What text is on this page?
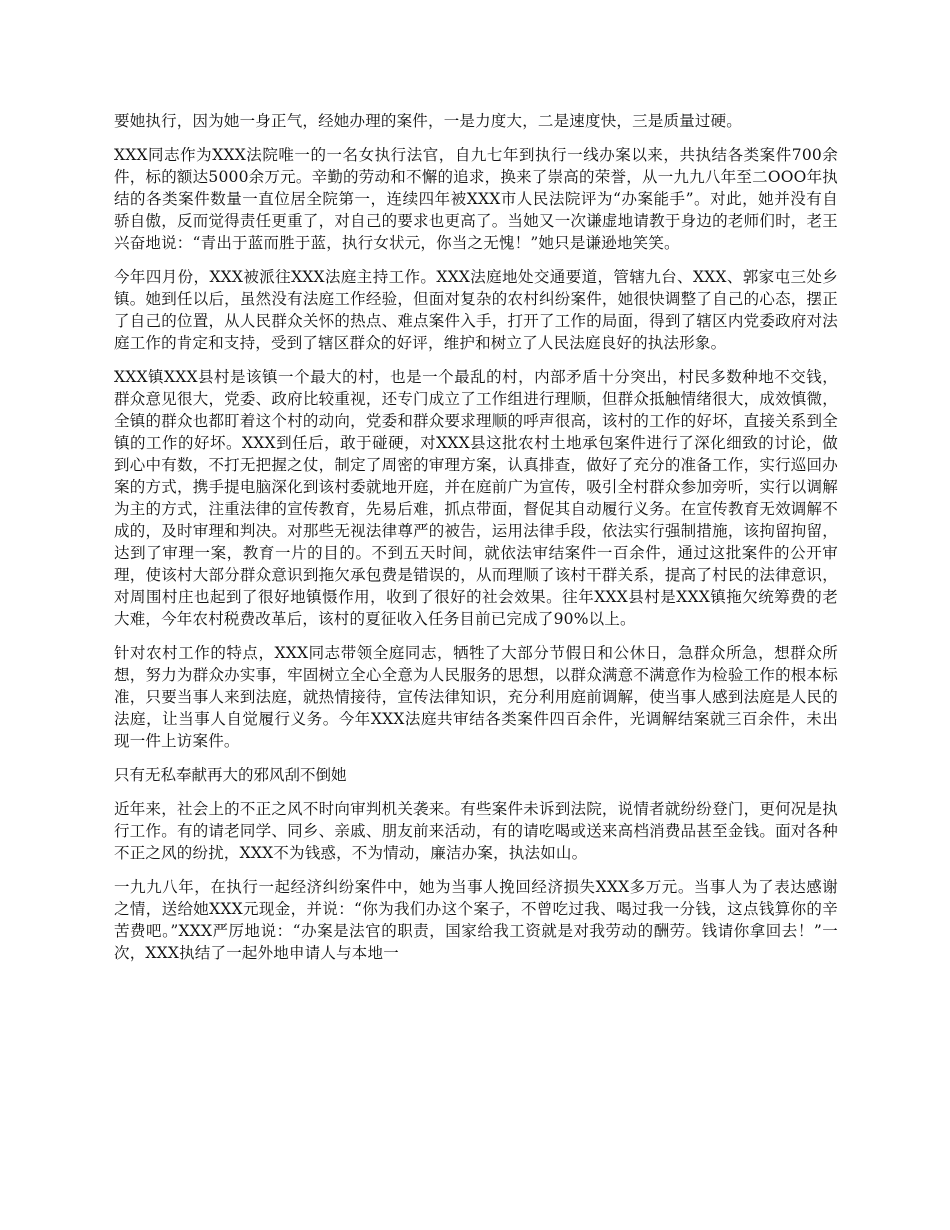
要她执行，因为她一身正气，经她办理的案件，一是力度大，二是速度快，三是质量过硬。

XXX同志作为XXX法院唯一的一名女执行法官，自九七年到执行一线办案以来，共执结各类案件700余件，标的额达5000余万元。辛勤的劳动和不懈的追求，换来了崇高的荣誉，从一九九八年至二OOO年执结的各类案件数量一直位居全院第一，连续四年被XXX市人民法院评为“办案能手”。对此，她并没有自骄自傲，反而觉得责任更重了，对自己的要求也更高了。当她又一次谦虚地请教于身边的老师们时，老王兴奋地说：“青出于蓝而胜于蓝，执行女状元，你当之无愧！”她只是谦逊地笑笑。

今年四月份，XXX被派往XXX法庭主持工作。XXX法庭地处交通要道，管辖九台、XXX、郭家屯三处乡镇。她到任以后，虽然没有法庭工作经验，但面对复杂的农村纠纷案件，她很快调整了自己的心态，摆正了自己的位置，从人民群众关怀的热点、难点案件入手，打开了工作的局面，得到了辖区内党委政府对法庭工作的肯定和支持，受到了辖区群众的好评，维护和树立了人民法庭良好的执法形象。

XXX镇XXX县村是该镇一个最大的村，也是一个最乱的村，内部矛盾十分突出，村民多数种地不交钱，群众意见很大，党委、政府比较重视，还专门成立了工作组进行理顺，但群众抵触情绪很大，成效慎微，全镇的群众也都盯着这个村的动向，党委和群众要求理顺的呼声很高，该村的工作的好坏，直接关系到全镇的工作的好坏。XXX到任后，敢于碰硬，对XXX县这批农村土地承包案件进行了深化细致的讨论，做到心中有数，不打无把握之仗，制定了周密的审理方案，认真排查，做好了充分的准备工作，实行巡回办案的方式，携手提电脑深化到该村委就地开庭，并在庭前广为宣传，吸引全村群众参加旁听，实行以调解为主的方式，注重法律的宣传教育，先易后难，抓点带面，督促其自动履行义务。在宣传教育无效调解不成的，及时审理和判决。对那些无视法律尊严的被告，运用法律手段，依法实行强制措施，该拘留拘留，达到了审理一案，教育一片的目的。不到五天时间，就依法审结案件一百余件，通过这批案件的公开审理，使该村大部分群众意识到拖欠承包费是错误的，从而理顺了该村干群关系，提高了村民的法律意识，对周围村庄也起到了很好地镇慑作用，收到了很好的社会效果。往年XXX县村是XXX镇拖欠统筹费的老大难，今年农村税费改革后，该村的夏征收入任务目前已完成了90%以上。

针对农村工作的特点，XXX同志带领全庭同志，牺牲了大部分节假日和公休日，急群众所急，想群众所想，努力为群众办实事，牢固树立全心全意为人民服务的思想，以群众满意不满意作为检验工作的根本标准，只要当事人来到法庭，就热情接待，宣传法律知识，充分利用庭前调解，使当事人感到法庭是人民的法庭，让当事人自觉履行义务。今年XXX法庭共审结各类案件四百余件，光调解结案就三百余件，未出现一件上访案件。

只有无私奉献再大的邪风刮不倒她

近年来，社会上的不正之风不时向审判机关袭来。有些案件未诉到法院，说情者就纷纷登门，更何况是执行工作。有的请老同学、同乡、亲戚、朋友前来活动，有的请吃喝或送来高档消费品甚至金钱。面对各种不正之风的纷扰，XXX不为钱惑，不为情动，廉洁办案，执法如山。

一九九八年，在执行一起经济纠纷案件中，她为当事人挽回经济损失XXX多万元。当事人为了表达感谢之情，送给她XXX元现金，并说：“你为我们办这个案子，不曾吃过我、喝过我一分钱，这点钱算你的辛苦费吧。”XXX严厉地说：“办案是法官的职责，国家给我工资就是对我劳动的酬劳。钱请你拿回去！”一次，XXX执结了一起外地申请人与本地一
